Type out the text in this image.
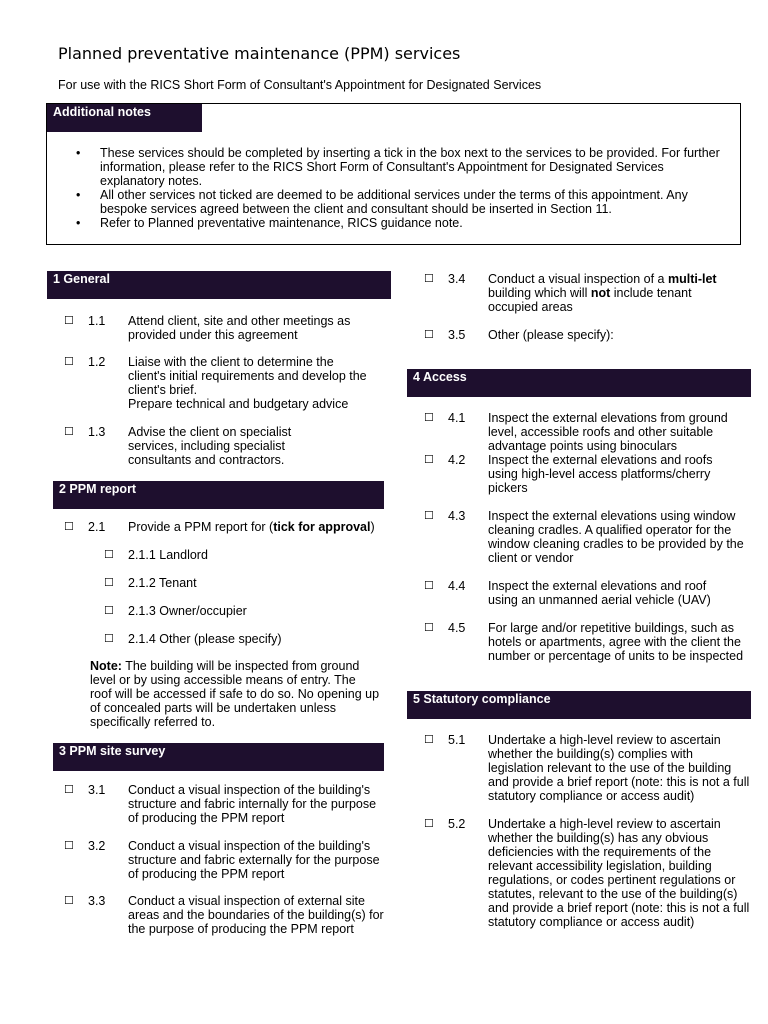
Planned preventative maintenance (PPM) services
For use with the RICS Short Form of Consultant's Appointment for Designated Services
Additional notes
• These services should be completed by inserting a tick in the box next to the services to be provided. For further information, please refer to the RICS Short Form of Consultant's Appointment for Designated Services explanatory notes.
• All other services not ticked are deemed to be additional services under the terms of this appointment. Any bespoke services agreed between the client and consultant should be inserted in Section 11.
• Refer to Planned preventative maintenance, RICS guidance note.
1 General
☐ 1.1 Attend client, site and other meetings as provided under this agreement
☐ 1.2 Liaise with the client to determine the client's initial requirements and develop the client's brief.
Prepare technical and budgetary advice
☐ 1.3 Advise the client on specialist services, including specialist consultants and contractors.
2 PPM report
☐ 2.1 Provide a PPM report for (tick for approval)
☐ 2.1.1 Landlord
☐ 2.1.2 Tenant
☐ 2.1.3 Owner/occupier
☐ 2.1.4 Other (please specify)
Note: The building will be inspected from ground level or by using accessible means of entry. The roof will be accessed if safe to do so. No opening up of concealed parts will be undertaken unless specifically referred to.
3 PPM site survey
☐ 3.1 Conduct a visual inspection of the building's structure and fabric internally for the purpose of producing the PPM report
☐ 3.2 Conduct a visual inspection of the building's structure and fabric externally for the purpose of producing the PPM report
☐ 3.3 Conduct a visual inspection of external site areas and the boundaries of the building(s) for the purpose of producing the PPM report
☐ 3.4 Conduct a visual inspection of a multi-let building which will not include tenant occupied areas
☐ 3.5 Other (please specify):
4 Access
☐ 4.1 Inspect the external elevations from ground level, accessible roofs and other suitable advantage points using binoculars
☐ 4.2 Inspect the external elevations and roofs using high-level access platforms/cherry pickers
☐ 4.3 Inspect the external elevations using window cleaning cradles. A qualified operator for the window cleaning cradles to be provided by the client or vendor
☐ 4.4 Inspect the external elevations and roof using an unmanned aerial vehicle (UAV)
☐ 4.5 For large and/or repetitive buildings, such as hotels or apartments, agree with the client the number or percentage of units to be inspected
5 Statutory compliance
☐ 5.1 Undertake a high-level review to ascertain whether the building(s) complies with legislation relevant to the use of the building and provide a brief report (note: this is not a full statutory compliance or access audit)
☐ 5.2 Undertake a high-level review to ascertain whether the building(s) has any obvious deficiencies with the requirements of the relevant accessibility legislation, building regulations, or codes pertinent regulations or statutes, relevant to the use of the building(s) and provide a brief report (note: this is not a full statutory compliance or access audit)
